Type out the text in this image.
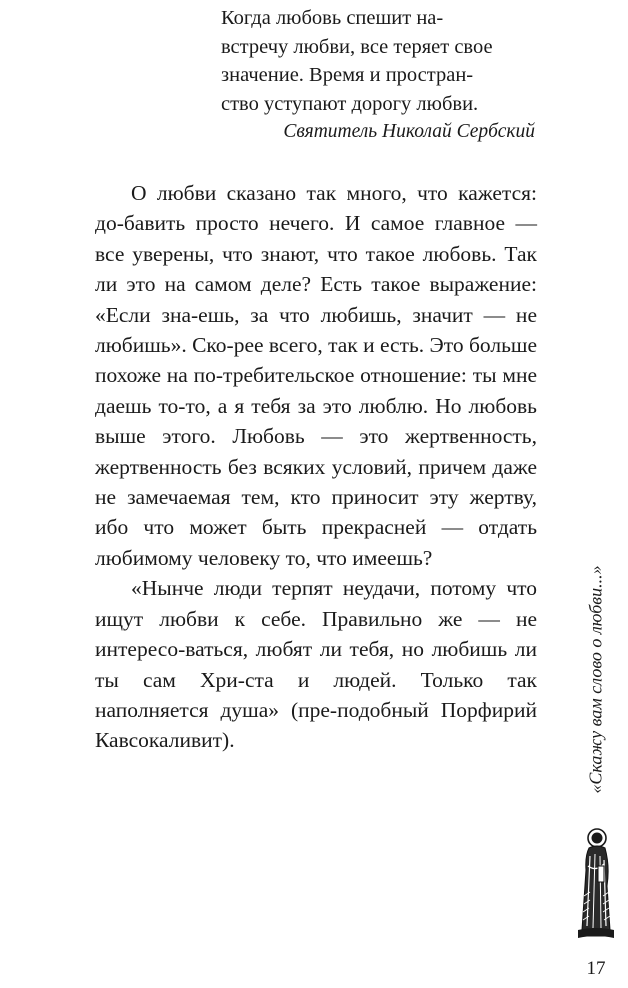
Когда любовь спешит на-
встречу любви, все теряет свое
значение. Время и простран-
ство уступают дорогу любви.
Святитель Николай Сербский

О любви сказано так много, что кажется: до-бавить просто нечего. И самое главное — все уверены, что знают, что такое любовь. Так ли это на самом деле? Есть такое выражение: «Если зна-ешь, за что любишь, значит — не любишь». Ско-рее всего, так и есть. Это больше похоже на по-требительское отношение: ты мне даешь то-то, а я тебя за это люблю. Но любовь выше этого. Любовь — это жертвенность, жертвенность без всяких условий, причем даже не замечаемая тем, кто приносит эту жертву, ибо что может быть прекрасней — отдать любимому человеку то, что имеешь?

«Нынче люди терпят неудачи, потому что ищут любви к себе. Правильно же — не интересо-ваться, любят ли тебя, но любишь ли ты сам Хри-ста и людей. Только так наполняется душа» (пре-подобный Порфирий Кавсокаливит).	«Скажу вам слово о любви...»
17
